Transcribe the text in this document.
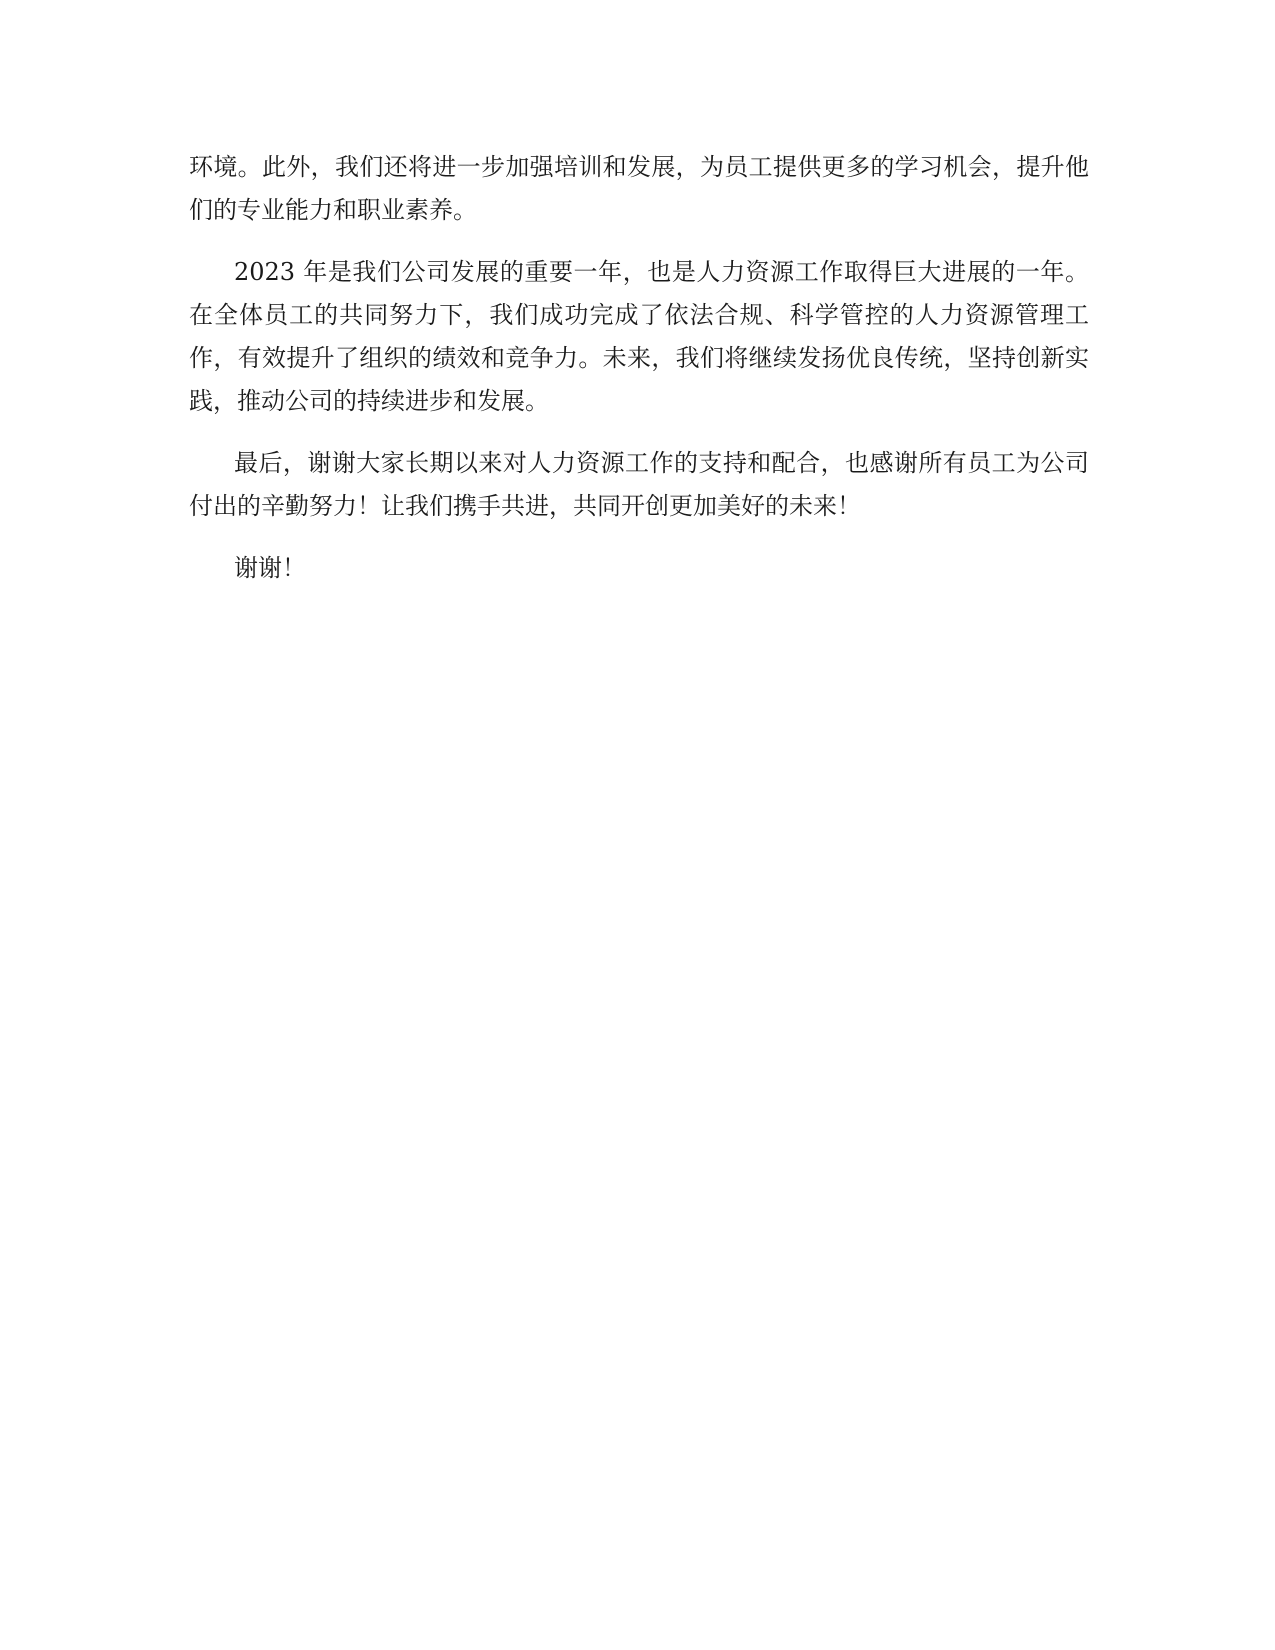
环境。此外，我们还将进一步加强培训和发展，为员工提供更多的学习机会，提升他们的专业能力和职业素养。

2023 年是我们公司发展的重要一年，也是人力资源工作取得巨大进展的一年。在全体员工的共同努力下，我们成功完成了依法合规、科学管控的人力资源管理工作，有效提升了组织的绩效和竞争力。未来，我们将继续发扬优良传统，坚持创新实践，推动公司的持续进步和发展。

最后，谢谢大家长期以来对人力资源工作的支持和配合，也感谢所有员工为公司付出的辛勤努力！让我们携手共进，共同开创更加美好的未来！

谢谢！
